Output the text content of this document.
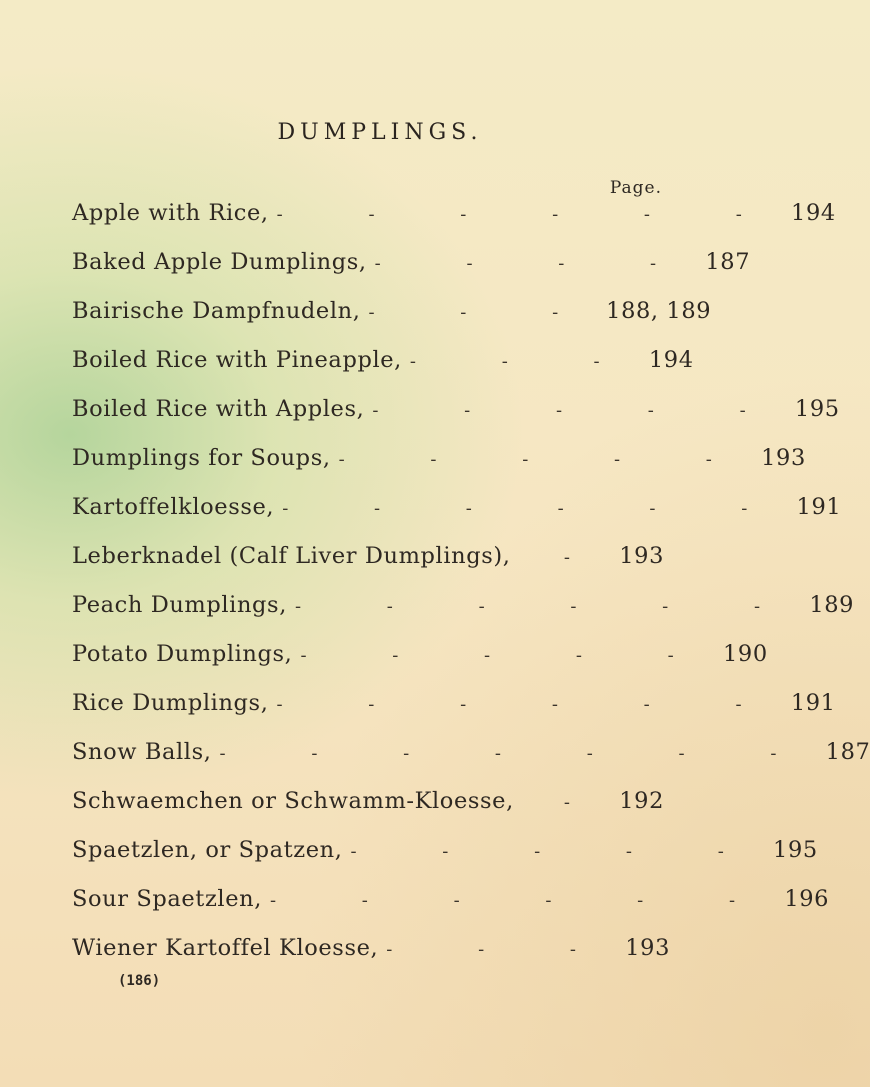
DUMPLINGS.
Page.
Apple with Rice, - - - - - - 194
Baked Apple Dumplings, - - - - 187
Bairische Dampfnudeln, - - - 188, 189
Boiled Rice with Pineapple, - - - 194
Boiled Rice with Apples, - - - - - 195
Dumplings for Soups, - - - - - 193
Kartoffelkloesse, - - - - - - 191
Leberknadel (Calf Liver Dumplings),	- 193
Peach Dumplings, - - - - - - 189
Potato Dumplings, - - - - - 190
Rice Dumplings, - - - - - - 191
Snow Balls, - - - - - - - 187
Schwaemchen or Schwamm-Kloesse,	- 192
Spaetzlen, or Spatzen, - - - - - 195
Sour Spaetzlen, - - - - - - 196
Wiener Kartoffel Kloesse, - - - 193
(186)
